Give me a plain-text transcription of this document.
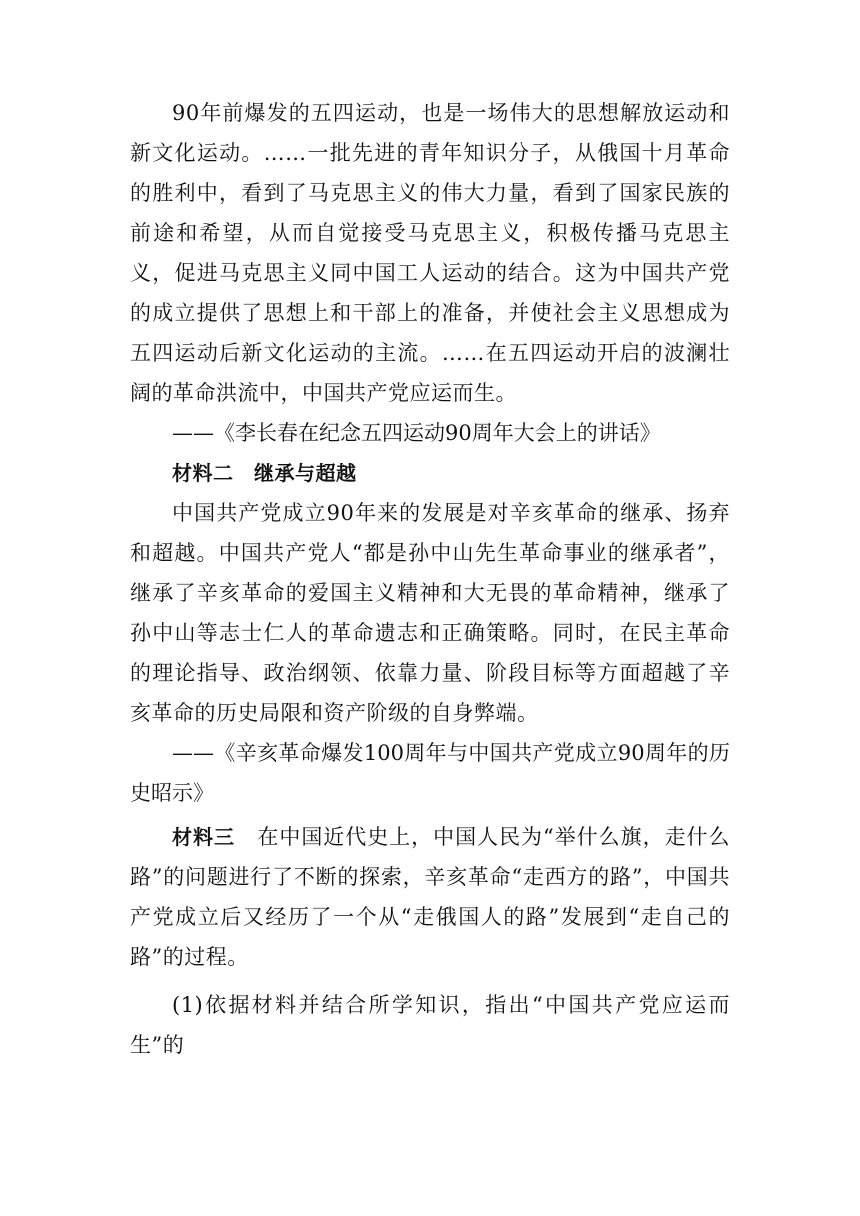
90年前爆发的五四运动，也是一场伟大的思想解放运动和新文化运动。……一批先进的青年知识分子，从俄国十月革命的胜利中，看到了马克思主义的伟大力量，看到了国家民族的前途和希望，从而自觉接受马克思主义，积极传播马克思主义，促进马克思主义同中国工人运动的结合。这为中国共产党的成立提供了思想上和干部上的准备，并使社会主义思想成为五四运动后新文化运动的主流。……在五四运动开启的波澜壮阔的革命洪流中，中国共产党应运而生。

——《李长春在纪念五四运动90周年大会上的讲话》

材料二　继承与超越

中国共产党成立90年来的发展是对辛亥革命的继承、扬弃和超越。中国共产党人“都是孙中山先生革命事业的继承者”，继承了辛亥革命的爱国主义精神和大无畏的革命精神，继承了孙中山等志士仁人的革命遗志和正确策略。同时，在民主革命的理论指导、政治纲领、依靠力量、阶段目标等方面超越了辛亥革命的历史局限和资产阶级的自身弊端。

——《辛亥革命爆发100周年与中国共产党成立90周年的历史昭示》

材料三 在中国近代史上，中国人民为“举什么旗，走什么路”的问题进行了不断的探索，辛亥革命“走西方的路”，中国共产党成立后又经历了一个从“走俄国人的路”发展到“走自己的路”的过程。

(1)依据材料并结合所学知识，指出“中国共产党应运而生”的
